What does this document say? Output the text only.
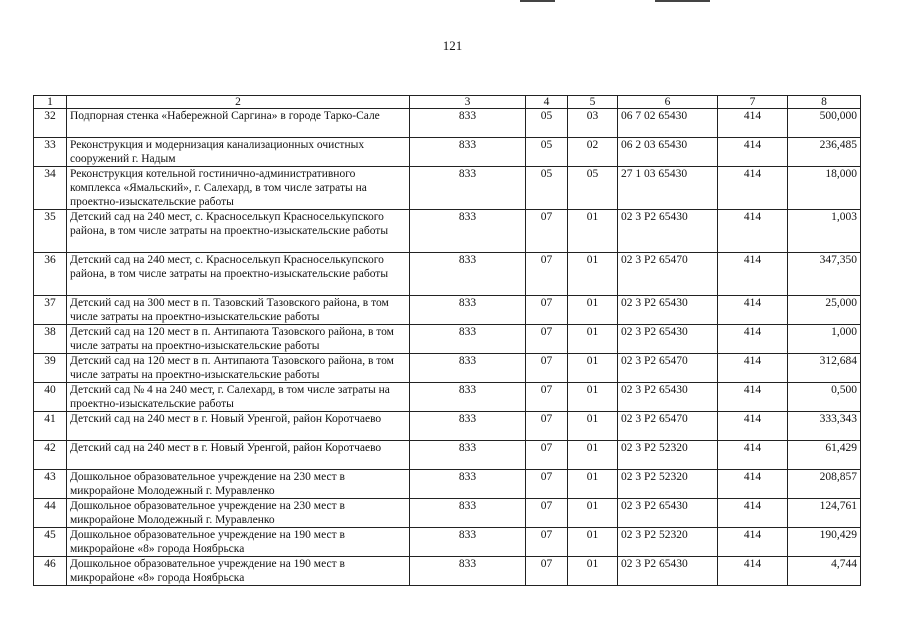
121
1	2	3	4	5	6	7	8
32	Подпорная стенка «Набережной Саргина» в городе Тарко-Сале	833	05	03	06 7 02 65430	414	500,000
33	Реконструкция и модернизация канализационных очистных сооружений г. Надым	833	05	02	06 2 03 65430	414	236,485
34	Реконструкция котельной гостинично-административного комплекса «Ямальский», г. Салехард, в том числе затраты на проектно-изыскательские работы	833	05	05	27 1 03 65430	414	18,000
35	Детский сад на 240 мест, с. Красноселькуп Красноселькупского района, в том числе затраты на проектно-изыскательские работы	833	07	01	02 3 P2 65430	414	1,003
36	Детский сад на 240 мест, с. Красноселькуп Красноселькупского района, в том числе затраты на проектно-изыскательские работы	833	07	01	02 3 P2 65470	414	347,350
37	Детский сад на 300 мест в п. Тазовский Тазовского района, в том числе затраты на проектно-изыскательские работы	833	07	01	02 3 P2 65430	414	25,000
38	Детский сад на 120 мест в п. Антипаюта Тазовского района, в том числе затраты на проектно-изыскательские работы	833	07	01	02 3 P2 65430	414	1,000
39	Детский сад на 120 мест в п. Антипаюта Тазовского района, в том числе затраты на проектно-изыскательские работы	833	07	01	02 3 P2 65470	414	312,684
40	Детский сад № 4 на 240 мест, г. Салехард, в том числе затраты на проектно-изыскательские работы	833	07	01	02 3 P2 65430	414	0,500
41	Детский сад на 240 мест в г. Новый Уренгой, район Коротчаево	833	07	01	02 3 P2 65470	414	333,343
42	Детский сад на 240 мест в г. Новый Уренгой, район Коротчаево	833	07	01	02 3 P2 52320	414	61,429
43	Дошкольное образовательное учреждение на 230 мест в микрорайоне Молодежный г. Муравленко	833	07	01	02 3 P2 52320	414	208,857
44	Дошкольное образовательное учреждение на 230 мест в микрорайоне Молодежный г. Муравленко	833	07	01	02 3 P2 65430	414	124,761
45	Дошкольное образовательное учреждение на 190 мест в микрорайоне «8» города Ноябрьска	833	07	01	02 3 P2 52320	414	190,429
46	Дошкольное образовательное учреждение на 190 мест в микрорайоне «8» города Ноябрьска	833	07	01	02 3 P2 65430	414	4,744
